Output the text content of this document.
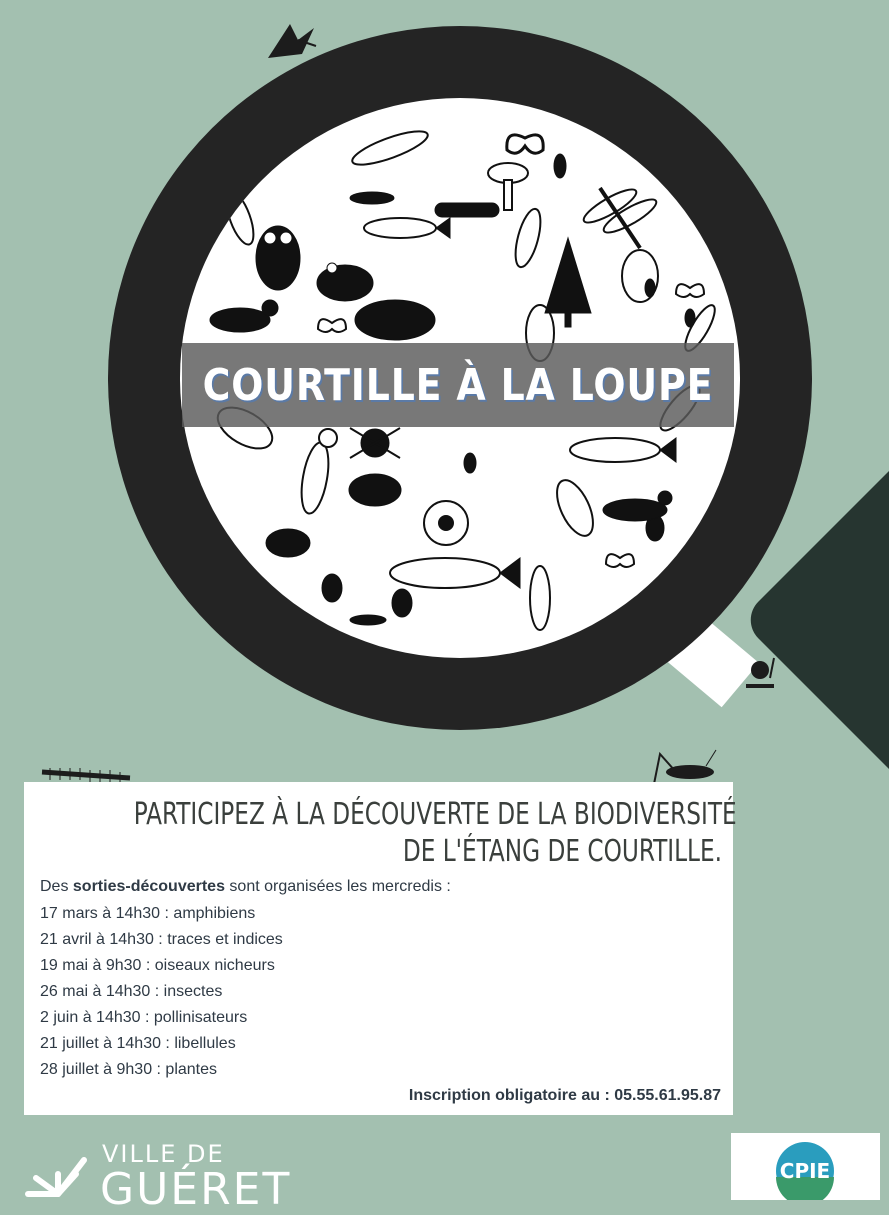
COURTILLE À LA LOUPE
PARTICIPEZ À LA DÉCOUVERTE DE LA BIODIVERSITÉ
DE L'ÉTANG DE COURTILLE.
Des sorties-découvertes sont organisées les mercredis :
17 mars à 14h30 : amphibiens
21 avril à 14h30 : traces et indices
19 mai à 9h30 : oiseaux nicheurs
26 mai à 14h30 : insectes
2 juin à 14h30 : pollinisateurs
21 juillet à 14h30 : libellules
28 juillet à 9h30 : plantes
Inscription obligatoire au : 05.55.61.95.87
VILLE DE
GUÉRET	CPIE
